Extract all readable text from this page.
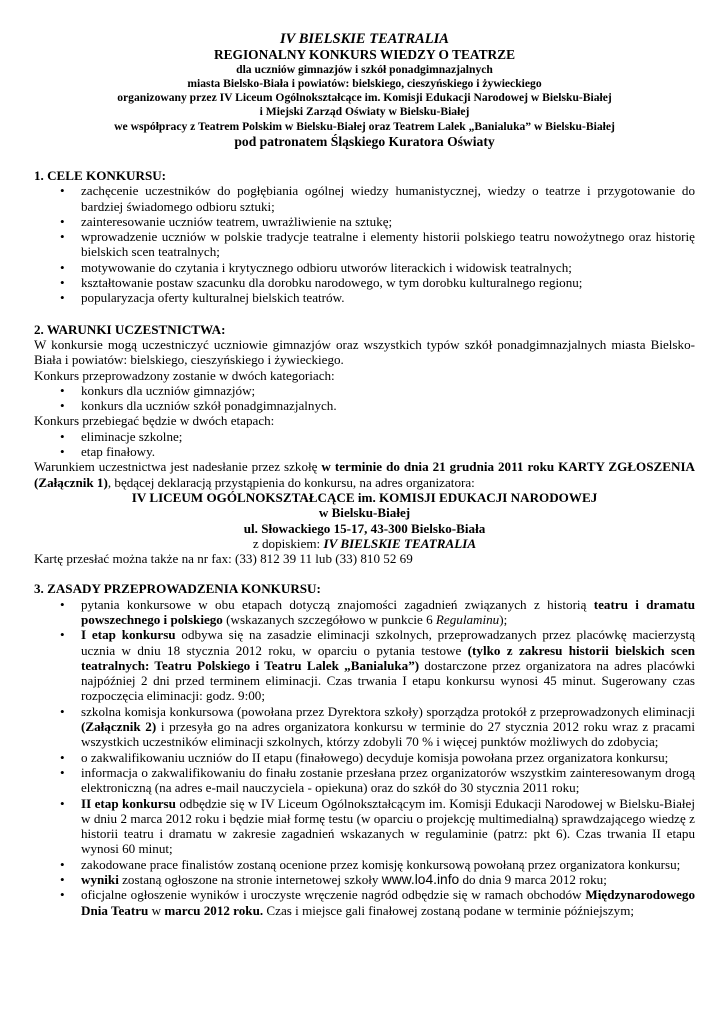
IV BIELSKIE TEATRALIA
REGIONALNY KONKURS WIEDZY O TEATRZE
dla uczniów gimnazjów i szkół ponadgimnazjalnych
miasta Bielsko-Biała i powiatów: bielskiego, cieszyńskiego i żywieckiego
organizowany przez IV Liceum Ogólnokształcące im. Komisji Edukacji Narodowej w Bielsku-Białej
i Miejski Zarząd Oświaty w Bielsku-Białej
we współpracy z Teatrem Polskim w Bielsku-Białej oraz Teatrem Lalek „Banialuka” w Bielsku-Białej
pod patronatem Śląskiego Kuratora Oświaty
1. CELE KONKURSU:
• zachęcenie uczestników do pogłębiania ogólnej wiedzy humanistycznej, wiedzy o teatrze i przygotowanie do bardziej świadomego odbioru sztuki;
• zainteresowanie uczniów teatrem, uwrażliwienie na sztukę;
• wprowadzenie uczniów w polskie tradycje teatralne i elementy historii polskiego teatru nowożytnego oraz historię bielskich scen teatralnych;
• motywowanie do czytania i krytycznego odbioru utworów literackich i widowisk teatralnych;
• kształtowanie postaw szacunku dla dorobku narodowego, w tym dorobku kulturalnego regionu;
• popularyzacja oferty kulturalnej bielskich teatrów.
2. WARUNKI UCZESTNICTWA:

W konkursie mogą uczestniczyć uczniowie gimnazjów oraz wszystkich typów szkół ponadgimnazjalnych miasta Bielsko-Biała i powiatów: bielskiego, cieszyńskiego i żywieckiego.

Konkurs przeprowadzony zostanie w dwóch kategoriach:

• konkurs dla uczniów gimnazjów;
• konkurs dla uczniów szkół ponadgimnazjalnych.

Konkurs przebiegać będzie w dwóch etapach:

• eliminacje szkolne;
• etap finałowy.

Warunkiem uczestnictwa jest nadesłanie przez szkołę w terminie do dnia 21 grudnia 2011 roku KARTY ZGŁOSZENIA (Załącznik 1), będącej deklaracją przystąpienia do konkursu, na adres organizatora:

IV LICEUM OGÓLNOKSZTAŁCĄCE im. KOMISJI EDUKACJI NARODOWEJ
w Bielsku-Białej
ul. Słowackiego 15-17, 43-300 Bielsko-Biała
z dopiskiem: IV BIELSKIE TEATRALIA

Kartę przesłać można także na nr fax: (33) 812 39 11 lub (33) 810 52 69

3. ZASADY PRZEPROWADZENIA KONKURSU:
• pytania konkursowe w obu etapach dotyczą znajomości zagadnień związanych z historią teatru i dramatu powszechnego i polskiego (wskazanych szczegółowo w punkcie 6 Regulaminu);
• I etap konkursu odbywa się na zasadzie eliminacji szkolnych, przeprowadzanych przez placówkę macierzystą ucznia w dniu 18 stycznia 2012 roku, w oparciu o pytania testowe (tylko z zakresu historii bielskich scen teatralnych: Teatru Polskiego i Teatru Lalek „Banialuka”) dostarczone przez organizatora na adres placówki najpóźniej 2 dni przed terminem eliminacji. Czas trwania I etapu konkursu wynosi 45 minut. Sugerowany czas rozpoczęcia eliminacji: godz. 9:00;
• szkolna komisja konkursowa (powołana przez Dyrektora szkoły) sporządza protokół z przeprowadzonych eliminacji (Załącznik 2) i przesyła go na adres organizatora konkursu w terminie do 27 stycznia 2012 roku wraz z pracami wszystkich uczestników eliminacji szkolnych, którzy zdobyli 70 % i więcej punktów możliwych do zdobycia;
• o zakwalifikowaniu uczniów do II etapu (finałowego) decyduje komisja powołana przez organizatora konkursu;
• informacja o zakwalifikowaniu do finału zostanie przesłana przez organizatorów wszystkim zainteresowanym drogą elektroniczną (na adres e-mail nauczyciela - opiekuna) oraz do szkół do 30 stycznia 2011 roku;
• II etap konkursu odbędzie się w IV Liceum Ogólnokształcącym im. Komisji Edukacji Narodowej w Bielsku-Białej w dniu 2 marca 2012 roku i będzie miał formę testu (w oparciu o projekcję multimedialną) sprawdzającego wiedzę z historii teatru i dramatu w zakresie zagadnień wskazanych w regulaminie (patrz: pkt 6). Czas trwania II etapu wynosi 60 minut;
• zakodowane prace finalistów zostaną ocenione przez komisję konkursową powołaną przez organizatora konkursu;
• wyniki zostaną ogłoszone na stronie internetowej szkoły www.lo4.info do dnia 9 marca 2012 roku;
• oficjalne ogłoszenie wyników i uroczyste wręczenie nagród odbędzie się w ramach obchodów Międzynarodowego Dnia Teatru w marcu 2012 roku. Czas i miejsce gali finałowej zostaną podane w terminie późniejszym;
